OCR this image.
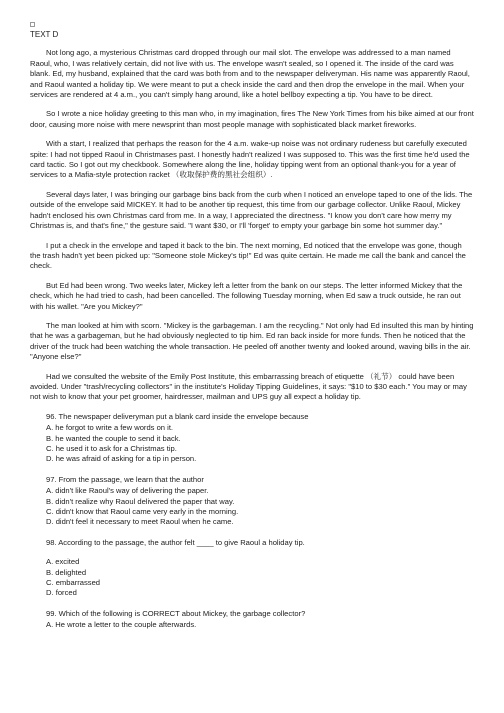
TEXT D

Not long ago, a mysterious Christmas card dropped through our mail slot. The envelope was addressed to a man named Raoul, who, I was relatively certain, did not live with us. The envelope wasn't sealed, so I opened it. The inside of the card was blank. Ed, my husband, explained that the card was both from and to the newspaper deliveryman. His name was apparently Raoul, and Raoul wanted a holiday tip. We were meant to put a check inside the card and then drop the envelope in the mail. When your services are rendered at 4 a.m., you can't simply hang around, like a hotel bellboy expecting a tip. You have to be direct.

So I wrote a nice holiday greeting to this man who, in my imagination, fires The New York Times from his bike aimed at our front door, causing more noise with mere newsprint than most people manage with sophisticated black market fireworks.

With a start, I realized that perhaps the reason for the 4 a.m. wake-up noise was not ordinary rudeness but carefully executed spite: I had not tipped Raoul in Christmases past. I honestly hadn't realized I was supposed to. This was the first time he'd used the card tactic. So I got out my checkbook. Somewhere along the line, holiday tipping went from an optional thank-you for a year of services to a Mafia-style protection racket （收取保护费的黑社会组织）.

Several days later, I was bringing our garbage bins back from the curb when I noticed an envelope taped to one of the lids. The outside of the envelope said MICKEY. It had to be another tip request, this time from our garbage collector. Unlike Raoul, Mickey hadn't enclosed his own Christmas card from me. In a way, I appreciated the directness. "I know you don't care how merry my Christmas is, and that's fine," the gesture said. "I want $30, or I'll 'forget' to empty your garbage bin some hot summer day."

I put a check in the envelope and taped it back to the bin. The next morning, Ed noticed that the envelope was gone, though the trash hadn't yet been picked up: "Someone stole Mickey's tip!" Ed was quite certain. He made me call the bank and cancel the check.

But Ed had been wrong. Two weeks later, Mickey left a letter from the bank on our steps. The letter informed Mickey that the check, which he had tried to cash, had been cancelled. The following Tuesday morning, when Ed saw a truck outside, he ran out with his wallet. "Are you Mickey?"

The man looked at him with scorn. "Mickey is the garbageman. I am the recycling." Not only had Ed insulted this man by hinting that he was a garbageman, but he had obviously neglected to tip him. Ed ran back inside for more funds. Then he noticed that the driver of the truck had been watching the whole transaction. He peeled off another twenty and looked around, waving bills in the air. "Anyone else?"

Had we consulted the website of the Emily Post Institute, this embarrassing breach of etiquette （礼节） could have been avoided. Under "trash/recycling collectors" in the institute's Holiday Tipping Guidelines, it says: "$10 to $30 each." You may or may not wish to know that your pet groomer, hairdresser, mailman and UPS guy all expect a holiday tip.

96. The newspaper deliveryman put a blank card inside the envelope because
A. he forgot to write a few words on it.
B. he wanted the couple to send it back.
C. he used it to ask for a Christmas tip.
D. he was afraid of asking for a tip in person.
97. From the passage, we learn that the author
A. didn't like Raoul's way of delivering the paper.
B. didn't realize why Raoul delivered the paper that way.
C. didn't know that Raoul came very early in the morning.
D. didn't feel it necessary to meet Raoul when he came.
98. According to the passage, the author felt ____ to give Raoul a holiday tip.
A. excited
B. delighted
C. embarrassed
D. forced
99. Which of the following is CORRECT about Mickey, the garbage collector?
A. He wrote a letter to the couple afterwards.
